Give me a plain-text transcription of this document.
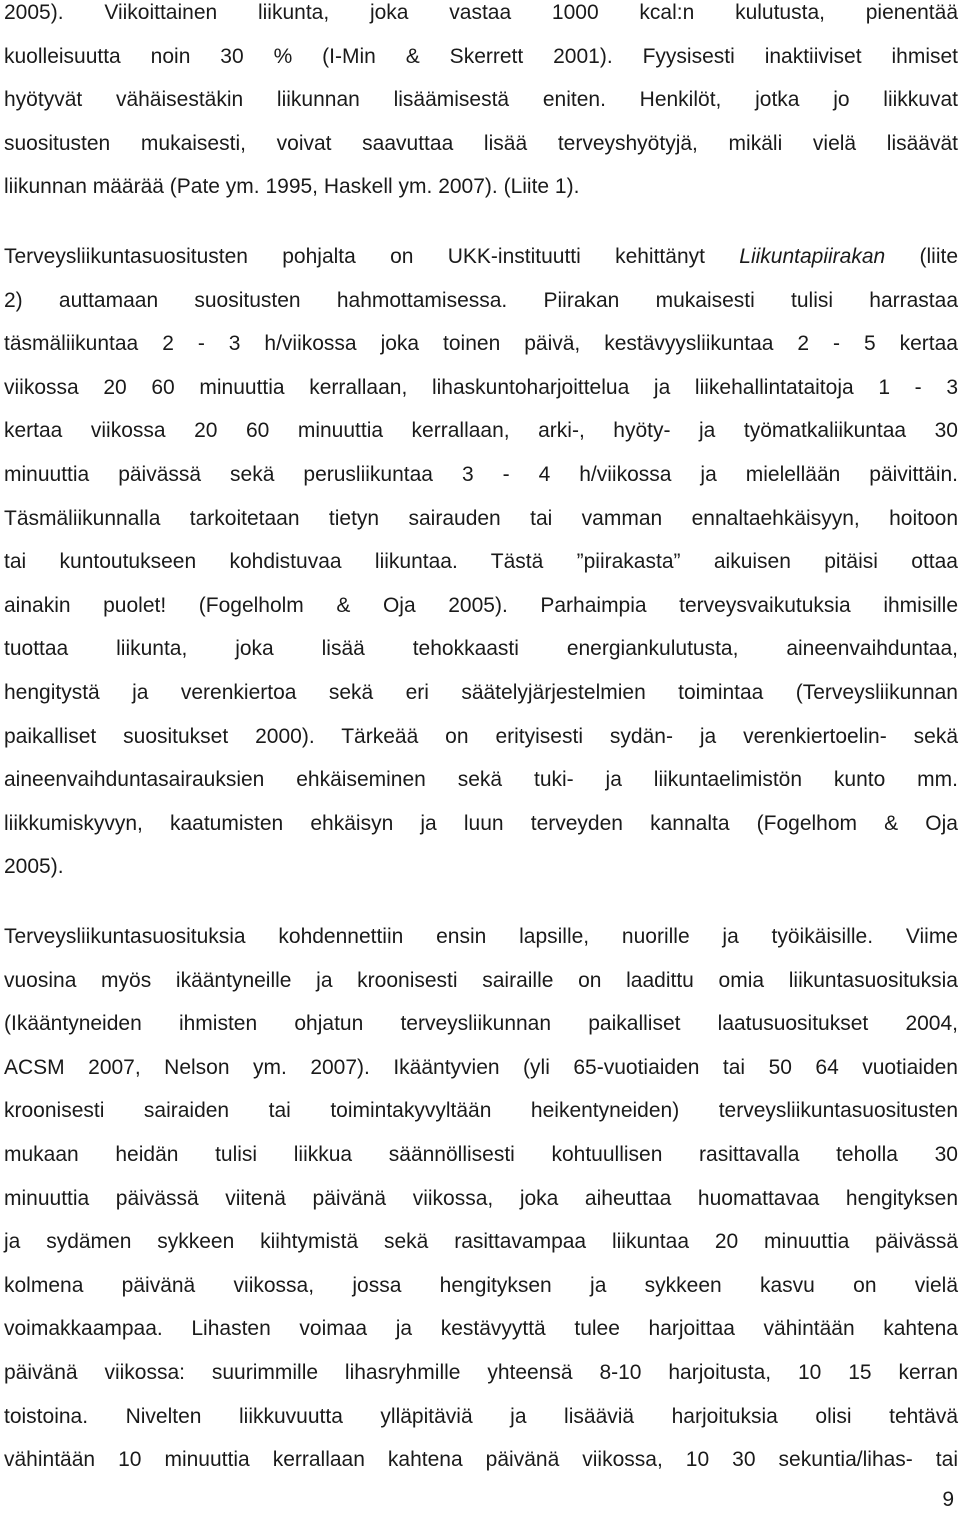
2005). Viikoittainen liikunta, joka vastaa 1000 kcal:n kulutusta, pienentää
kuolleisuutta noin 30 % (I-Min & Skerrett 2001). Fyysisesti inaktiiviset ihmiset
hyötyvät vähäisestäkin liikunnan lisäämisestä eniten. Henkilöt, jotka jo liikkuvat
suositusten mukaisesti, voivat saavuttaa lisää terveyshyötyjä, mikäli vielä lisäävät
liikunnan määrää (Pate ym. 1995, Haskell ym. 2007). (Liite 1).
Terveysliikuntasuositusten pohjalta on UKK-instituutti kehittänyt Liikuntapiirakan (liite
2) auttamaan suositusten hahmottamisessa. Piirakan mukaisesti tulisi harrastaa
täsmäliikuntaa 2 - 3 h/viikossa joka toinen päivä, kestävyysliikuntaa 2 - 5 kertaa
viikossa 20 60 minuuttia kerrallaan, lihaskuntoharjoittelua ja liikehallintataitoja 1 - 3
kertaa viikossa 20 60 minuuttia kerrallaan, arki-, hyöty- ja työmatkaliikuntaa 30
minuuttia päivässä sekä perusliikuntaa 3 - 4 h/viikossa ja mielellään päivittäin.
Täsmäliikunnalla tarkoitetaan tietyn sairauden tai vamman ennaltaehkäisyyn, hoitoon
tai kuntoutukseen kohdistuvaa liikuntaa. Tästä ”piirakasta” aikuisen pitäisi ottaa
ainakin puolet! (Fogelholm & Oja 2005). Parhaimpia terveysvaikutuksia ihmisille
tuottaa liikunta, joka lisää tehokkaasti energiankulutusta, aineenvaihduntaa,
hengitystä ja verenkiertoa sekä eri säätelyjärjestelmien toimintaa (Terveysliikunnan
paikalliset suositukset 2000). Tärkeää on erityisesti sydän- ja verenkiertoelin- sekä
aineenvaihduntasairauksien ehkäiseminen sekä tuki- ja liikuntaelimistön kunto mm.
liikkumiskyvyn, kaatumisten ehkäisyn ja luun terveyden kannalta (Fogelhom & Oja
2005).
Terveysliikuntasuosituksia kohdennettiin ensin lapsille, nuorille ja työikäisille. Viime
vuosina myös ikääntyneille ja kroonisesti sairaille on laadittu omia liikuntasuosituksia
(Ikääntyneiden ihmisten ohjatun terveysliikunnan paikalliset laatusuositukset 2004,
ACSM 2007, Nelson ym. 2007). Ikääntyvien (yli 65-vuotiaiden tai 50 64 vuotiaiden
kroonisesti sairaiden tai toimintakyvyltään heikentyneiden) terveysliikuntasuositusten
mukaan heidän tulisi liikkua säännöllisesti kohtuullisen rasittavalla teholla 30
minuuttia päivässä viitenä päivänä viikossa, joka aiheuttaa huomattavaa hengityksen
ja sydämen sykkeen kiihtymistä sekä rasittavampaa liikuntaa 20 minuuttia päivässä
kolmena päivänä viikossa, jossa hengityksen ja sykkeen kasvu on vielä
voimakkaampaa. Lihasten voimaa ja kestävyyttä tulee harjoittaa vähintään kahtena
päivänä viikossa: suurimmille lihasryhmille yhteensä 8-10 harjoitusta, 10 15 kerran
toistoina. Nivelten liikkuvuutta ylläpitäviä ja lisääviä harjoituksia olisi tehtävä
vähintään 10 minuuttia kerrallaan kahtena päivänä viikossa, 10 30 sekuntia/lihas- tai
9
